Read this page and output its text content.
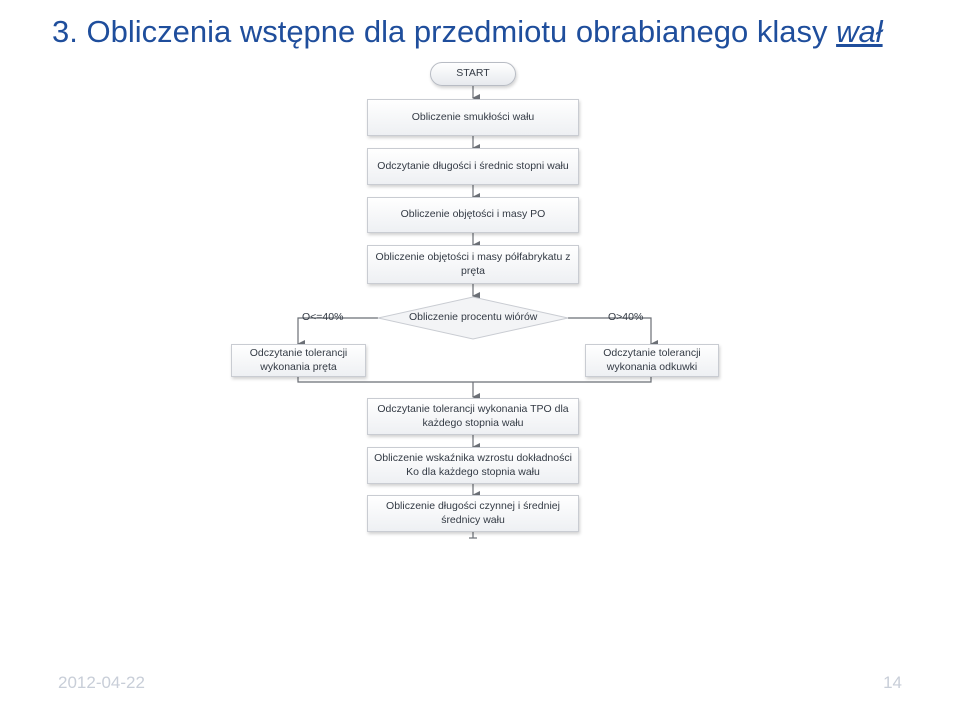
3. Obliczenia wstępne dla przedmiotu obrabianego klasy wał
START
Obliczenie smukłości wału
Odczytanie długości i średnic stopni wału
Obliczenie objętości i masy PO
Obliczenie objętości i masy półfabrykatu z pręta
Obliczenie procentu wiórów
O<=40%	O>40%
Odczytanie tolerancji wykonania pręta
Odczytanie tolerancji wykonania odkuwki
Odczytanie tolerancji wykonania TPO dla każdego stopnia wału
Obliczenie wskaźnika wzrostu dokładności Ko dla każdego stopnia wału
Obliczenie długości czynnej i średniej średnicy wału
2012-04-22	14
